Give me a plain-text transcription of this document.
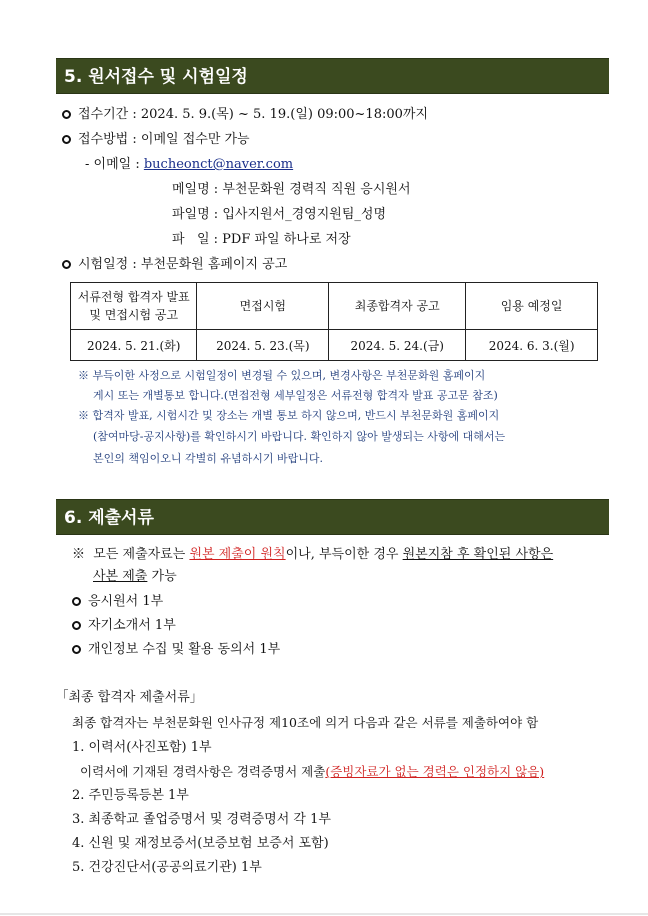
5. 원서접수 및 시험일정
접수기간 : 2024. 5. 9.(목) ~ 5. 19.(일) 09:00~18:00까지
접수방법 : 이메일 접수만 가능
- 이메일 : bucheonct@naver.com
메일명 : 부천문화원 경력직 직원 응시원서
파일명 : 입사지원서_경영지원팀_성명
파   일 : PDF 파일 하나로 저장
시험일정 : 부천문화원 홈페이지 공고
서류전형 합격자 발표
및 면접시험 공고	면접시험	최종합격자 공고	임용 예정일
2024. 5. 21.(화)	2024. 5. 23.(목)	2024. 5. 24.(금)	2024. 6. 3.(월)
※ 부득이한 사정으로 시험일정이 변경될 수 있으며, 변경사항은 부천문화원 홈페이지
게시 또는 개별통보 합니다.(면접전형 세부일정은 서류전형 합격자 발표 공고문 참조)
※ 합격자 발표, 시험시간 및 장소는 개별 통보 하지 않으며, 반드시 부천문화원 홈페이지
(참여마당-공지사항)를 확인하시기 바랍니다. 확인하지 않아 발생되는 사항에 대해서는
본인의 책임이오니 각별히 유념하시기 바랍니다.
6. 제출서류
※  모든 제출자료는 원본 제출이 원칙이나, 부득이한 경우 원본지참 후 확인된 사항은
사본 제출 가능
응시원서 1부
자기소개서 1부
개인정보 수집 및 활용 동의서 1부
｢최종 합격자 제출서류｣
최종 합격자는 부천문화원 인사규정 제10조에 의거 다음과 같은 서류를 제출하여야 함
1. 이력서(사진포함) 1부
이력서에 기재된 경력사항은 경력증명서 제출(증빙자료가 없는 경력은 인정하지 않음)
2. 주민등록등본 1부
3. 최종학교 졸업증명서 및 경력증명서 각 1부
4. 신원 및 재정보증서(보증보험 보증서 포함)
5. 건강진단서(공공의료기관) 1부
